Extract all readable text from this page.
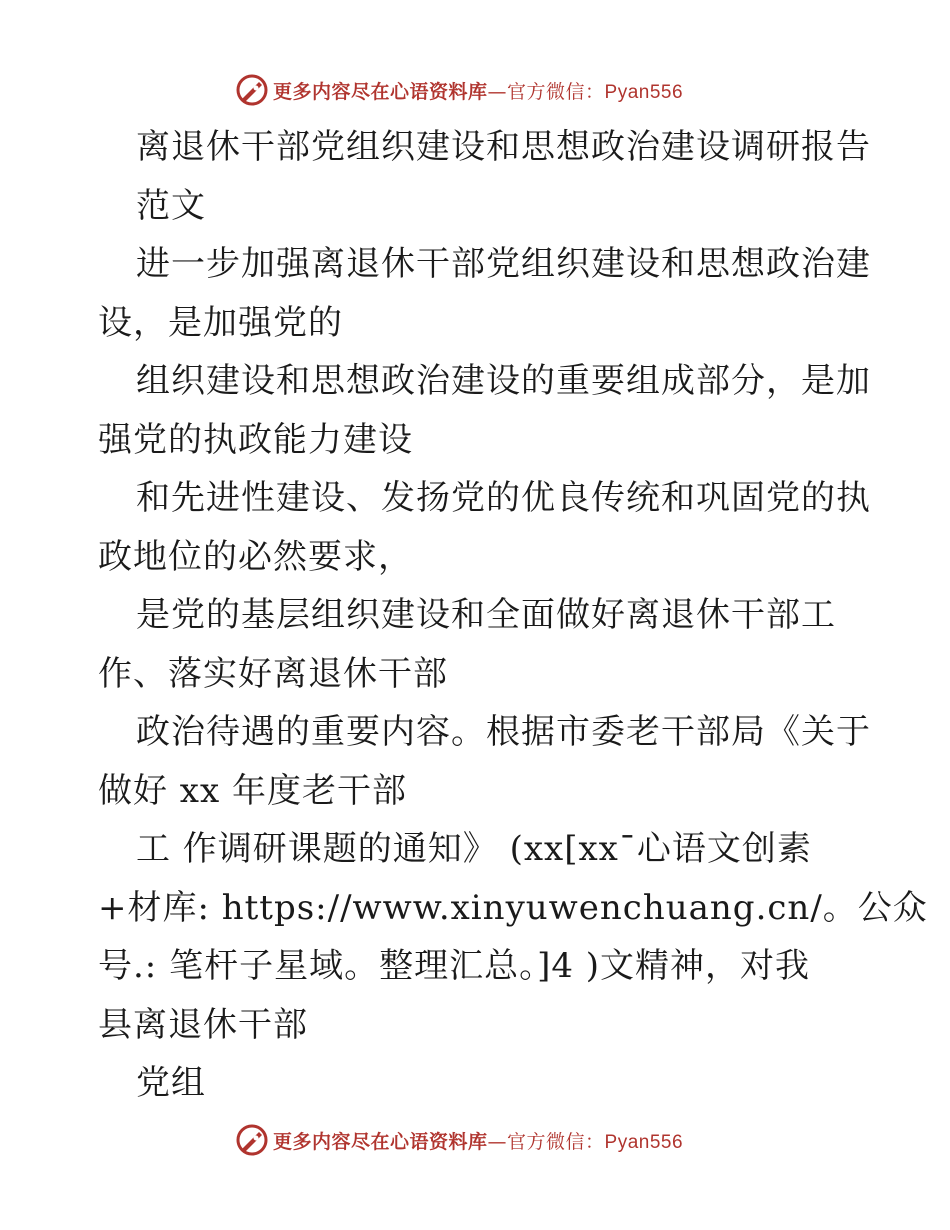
更多内容尽在心语资料库—官方微信：Pyan556
离退休干部党组织建设和思想政治建设调研报告
范文
进一步加强离退休干部党组织建设和思想政治建
设，是加强党的
组织建设和思想政治建设的重要组成部分，是加
强党的执政能力建设
和先进性建设、发扬党的优良传统和巩固党的执
政地位的必然要求，
是党的基层组织建设和全面做好离退休干部工
作、落实好离退休干部
政治待遇的重要内容。根据市委老干部局《关于
做好 xx 年度老干部
工 作调研课题的通知》 (xx[xx¯心语文创素
+材库: https://www.xinyuwenchuang.cn/。公众
号.: 笔杆子星域。整理汇总。]4 )文精神，对我
县离退休干部
党组
更多内容尽在心语资料库—官方微信：Pyan556
